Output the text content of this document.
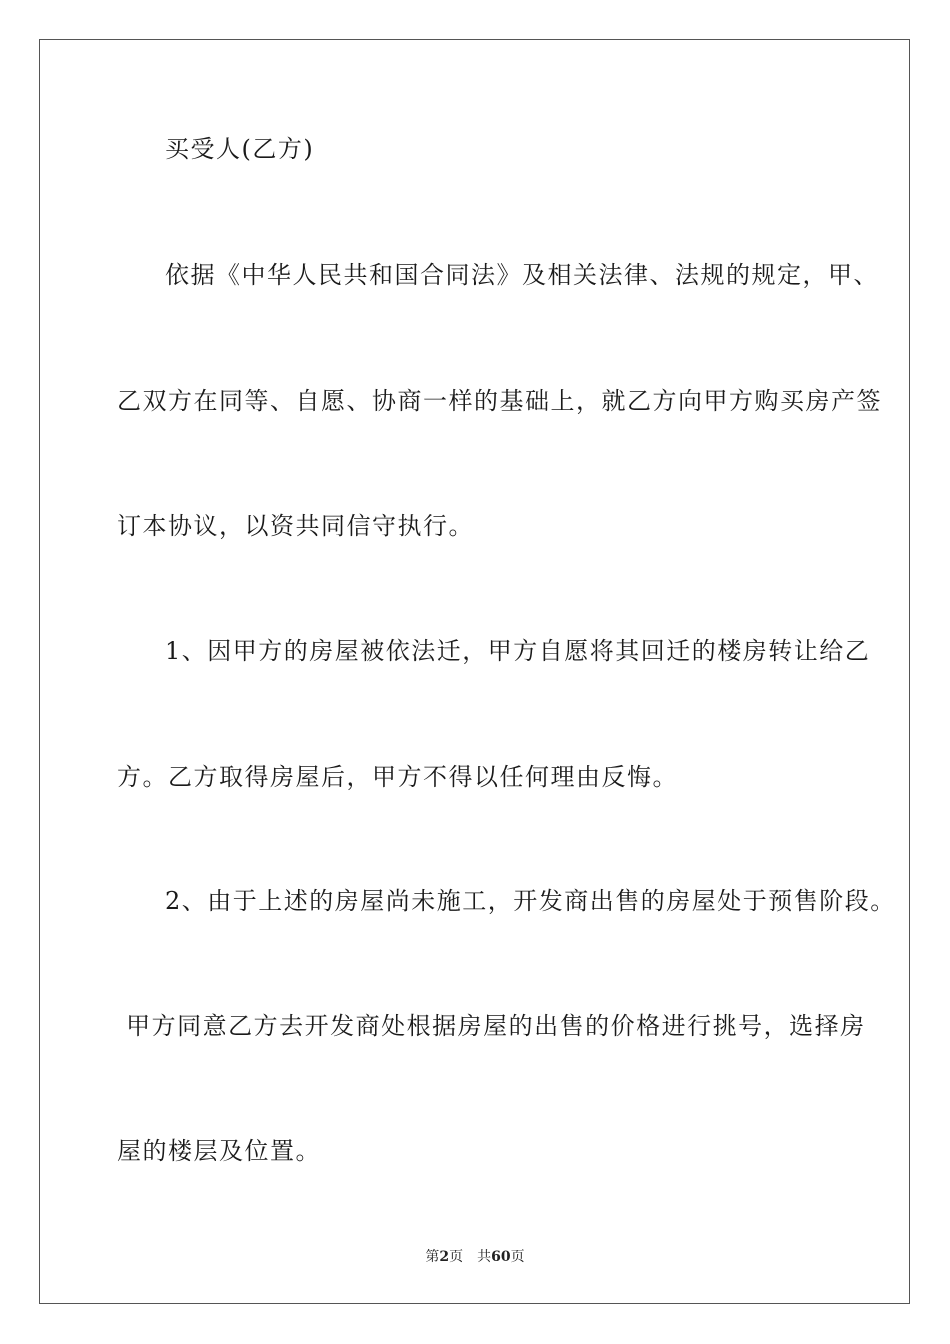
买受人(乙方)
依据《中华人民共和国合同法》及相关法律、法规的规定，甲、
乙双方在同等、自愿、协商一样的基础上，就乙方向甲方购买房产签
订本协议，以资共同信守执行。
1、因甲方的房屋被依法迁，甲方自愿将其回迁的楼房转让给乙
方。乙方取得房屋后，甲方不得以任何理由反悔。
2、由于上述的房屋尚未施工，开发商出售的房屋处于预售阶段。
甲方同意乙方去开发商处根据房屋的出售的价格进行挑号，选择房
屋的楼层及位置。
第2页 共60页
